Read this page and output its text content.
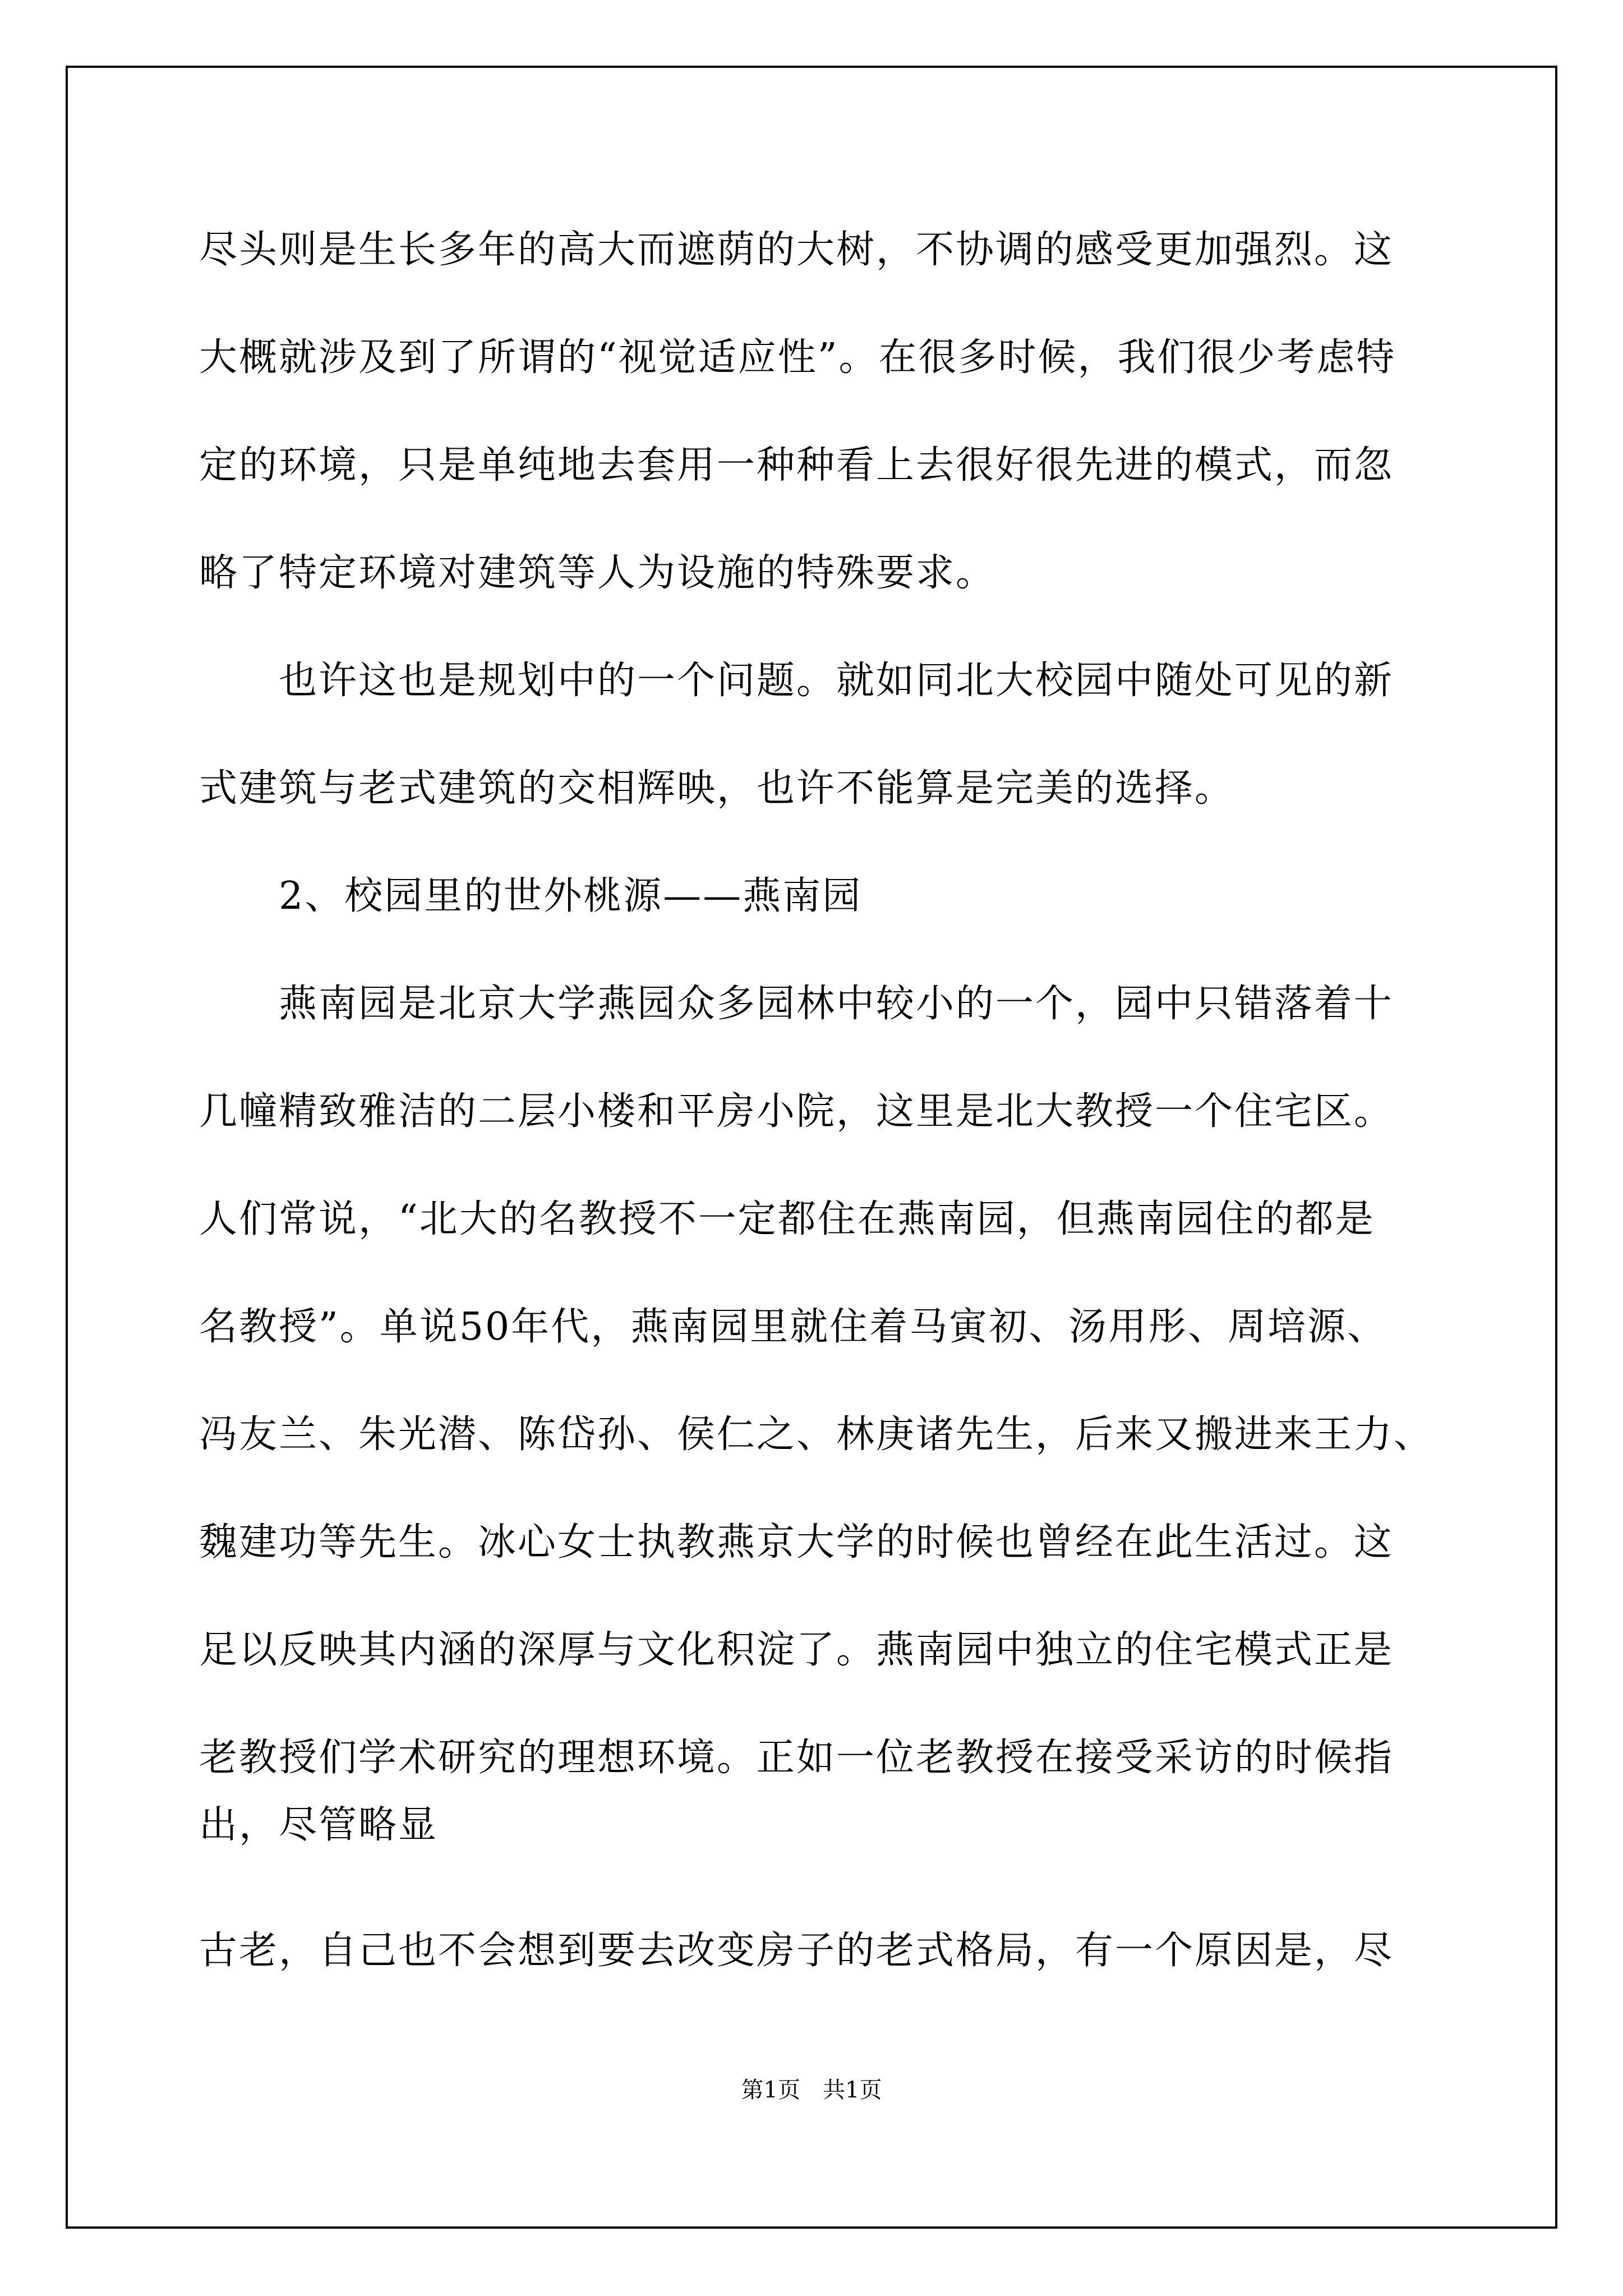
尽头则是生长多年的高大而遮荫的大树，不协调的感受更加强烈。这
大概就涉及到了所谓的“视觉适应性”。在很多时候，我们很少考虑特
定的环境，只是单纯地去套用一种种看上去很好很先进的模式，而忽
略了特定环境对建筑等人为设施的特殊要求。
　　也许这也是规划中的一个问题。就如同北大校园中随处可见的新
式建筑与老式建筑的交相辉映，也许不能算是完美的选择。
　　2、校园里的世外桃源——燕南园
　　燕南园是北京大学燕园众多园林中较小的一个，园中只错落着十
几幢精致雅洁的二层小楼和平房小院，这里是北大教授一个住宅区。
人们常说，“北大的名教授不一定都住在燕南园，但燕南园住的都是
名教授”。单说50年代，燕南园里就住着马寅初、汤用彤、周培源、
冯友兰、朱光潜、陈岱孙、侯仁之、林庚诸先生，后来又搬进来王力、
魏建功等先生。冰心女士执教燕京大学的时候也曾经在此生活过。这
足以反映其内涵的深厚与文化积淀了。燕南园中独立的住宅模式正是
老教授们学术研究的理想环境。正如一位老教授在接受采访的时候指
出，尽管略显
古老，自己也不会想到要去改变房子的老式格局，有一个原因是，尽
第1页　共1页
